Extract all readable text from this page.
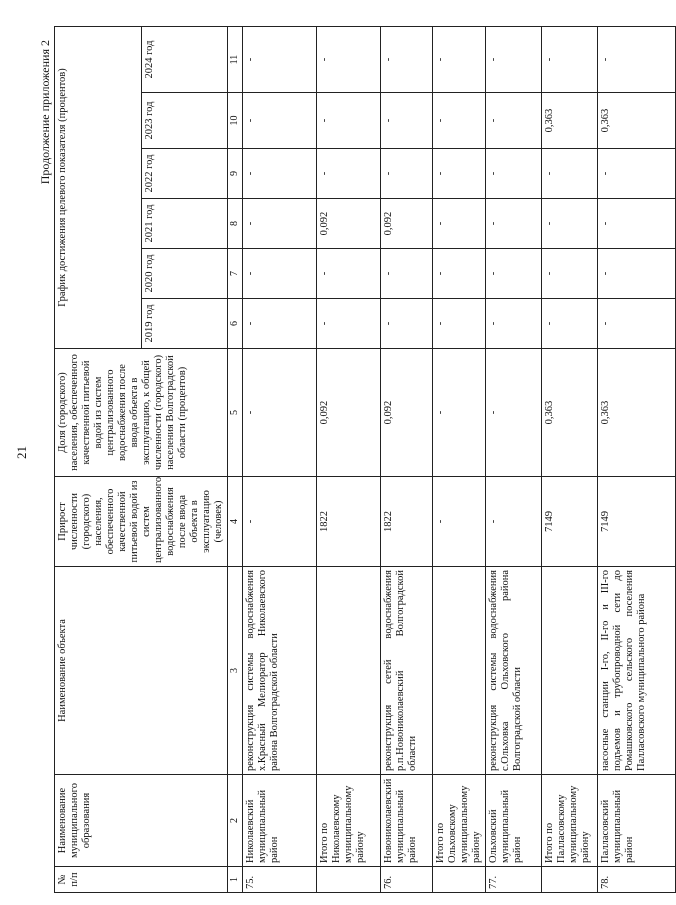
21
Продолжение приложения 2
№ п/п	Наименование муниципального образования	Наименование объекта	Прирост численности (городского) населения, обеспеченного качественной питьевой водой из систем централизованного водоснабжения после ввода объекта в эксплуатацию (человек)	Доля (городского) населения, обеспеченного качественной питьевой водой из систем централизованного водоснабжения после ввода объекта в эксплуатацию, к общей численности (городского) населения Волгоградской области (процентов)	График достижения целевого показателя (процентов)					
					2019 год	2020 год	2021 год	2022 год	2023 год	2024 год
1	2	3	4	5	6	7	8	9	10	11
75.	Николаевский муниципальный район	реконструкция системы водоснабжения х.Красный Мелиоратор Николаевского района Волгоградской области	-	-	-	-	-	-	-	-
	Итого по Николаевскому муниципальному району		1822	0,092	-	-	0,092	-	-	-
76.	Новониколаевский муниципальный район	реконструкция сетей водоснабжения р.п.Новониколаевский Волгоградской области	1822	0,092	-	-	0,092	-	-	-
	Итого по Ольховскому муниципальному району		-	-	-	-	-	-	-	-
77.	Ольховский муниципальный район	реконструкция системы водоснабжения с.Ольховка Ольховского района Волгоградской области	-	-	-	-	-	-	-	-
	Итого по Палласовскому муниципальному району		7149	0,363	-	-	-	-	0,363	-
78.	Палласовский муниципальный район	насосные станции I-го, II-го и III-го подъемов и трубопроводной сети до Ромашковского сельского поселения Палласовского муниципального района	7149	0,363	-	-	-	-	0,363	-
